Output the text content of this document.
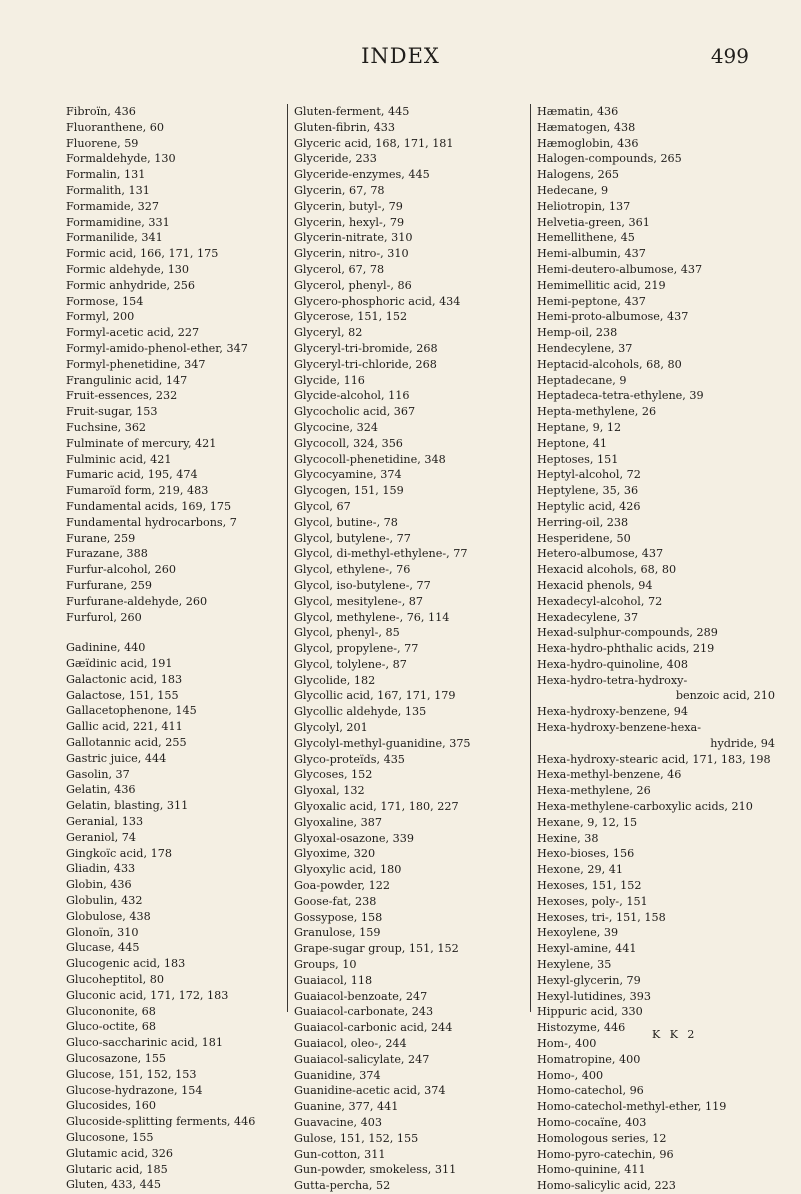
INDEX	499
Fibroïn, 436
Fluoranthene, 60
Fluorene, 59
Formaldehyde, 130
Formalin, 131
Formalith, 131
Formamide, 327
Formamidine, 331
Formanilide, 341
Formic acid, 166, 171, 175
Formic aldehyde, 130
Formic anhydride, 256
Formose, 154
Formyl, 200
Formyl-acetic acid, 227
Formyl-amido-phenol-ether, 347
Formyl-phenetidine, 347
Frangulinic acid, 147
Fruit-essences, 232
Fruit-sugar, 153
Fuchsine, 362
Fulminate of mercury, 421
Fulminic acid, 421
Fumaric acid, 195, 474
Fumaroïd form, 219, 483
Fundamental acids, 169, 175
Fundamental hydrocarbons, 7
Furane, 259
Furazane, 388
Furfur-alcohol, 260
Furfurane, 259
Furfurane-aldehyde, 260
Furfurol, 260
Gadinine, 440
Gæïdinic acid, 191
Galactonic acid, 183
Galactose, 151, 155
Gallacetophenone, 145
Gallic acid, 221, 411
Gallotannic acid, 255
Gastric juice, 444
Gasolin, 37
Gelatin, 436
Gelatin, blasting, 311
Geranial, 133
Geraniol, 74
Gingkoïc acid, 178
Gliadin, 433
Globin, 436
Globulin, 432
Globulose, 438
Glonoïn, 310
Glucase, 445
Glucogenic acid, 183
Glucoheptitol, 80
Gluconic acid, 171, 172, 183
Glucononite, 68
Gluco-octite, 68
Gluco-saccharinic acid, 181
Glucosazone, 155
Glucose, 151, 152, 153
Glucose-hydrazone, 154
Glucosides, 160
Glucoside-splitting ferments, 446
Glucosone, 155
Glutamic acid, 326
Glutaric acid, 185
Gluten, 433, 445
Gluten-ferment, 445
Gluten-fibrin, 433
Glyceric acid, 168, 171, 181
Glyceride, 233
Glyceride-enzymes, 445
Glycerin, 67, 78
Glycerin, butyl-, 79
Glycerin, hexyl-, 79
Glycerin-nitrate, 310
Glycerin, nitro-, 310
Glycerol, 67, 78
Glycerol, phenyl-, 86
Glycero-phosphoric acid, 434
Glycerose, 151, 152
Glyceryl, 82
Glyceryl-tri-bromide, 268
Glyceryl-tri-chloride, 268
Glycide, 116
Glycide-alcohol, 116
Glycocholic acid, 367
Glycocine, 324
Glycocoll, 324, 356
Glycocoll-phenetidine, 348
Glycocyamine, 374
Glycogen, 151, 159
Glycol, 67
Glycol, butine-, 78
Glycol, butylene-, 77
Glycol, di-methyl-ethylene-, 77
Glycol, ethylene-, 76
Glycol, iso-butylene-, 77
Glycol, mesitylene-, 87
Glycol, methylene-, 76, 114
Glycol, phenyl-, 85
Glycol, propylene-, 77
Glycol, tolylene-, 87
Glycolide, 182
Glycollic acid, 167, 171, 179
Glycollic aldehyde, 135
Glycolyl, 201
Glycolyl-methyl-guanidine, 375
Glyco-proteïds, 435
Glycoses, 152
Glyoxal, 132
Glyoxalic acid, 171, 180, 227
Glyoxaline, 387
Glyoxal-osazone, 339
Glyoxime, 320
Glyoxylic acid, 180
Goa-powder, 122
Goose-fat, 238
Gossypose, 158
Granulose, 159
Grape-sugar group, 151, 152
Groups, 10
Guaiacol, 118
Guaiacol-benzoate, 247
Guaiacol-carbonate, 243
Guaiacol-carbonic acid, 244
Guaiacol, oleo-, 244
Guaiacol-salicylate, 247
Guanidine, 374
Guanidine-acetic acid, 374
Guanine, 377, 441
Guavacine, 403
Gulose, 151, 152, 155
Gun-cotton, 311
Gun-powder, smokeless, 311
Gutta-percha, 52
Hæmatin, 436
Hæmatogen, 438
Hæmoglobin, 436
Halogen-compounds, 265
Halogens, 265
Hedecane, 9
Heliotropin, 137
Helvetia-green, 361
Hemellithene, 45
Hemi-albumin, 437
Hemi-deutero-albumose, 437
Hemimellitic acid, 219
Hemi-peptone, 437
Hemi-proto-albumose, 437
Hemp-oil, 238
Hendecylene, 37
Heptacid-alcohols, 68, 80
Heptadecane, 9
Heptadeca-tetra-ethylene, 39
Hepta-methylene, 26
Heptane, 9, 12
Heptone, 41
Heptoses, 151
Heptyl-alcohol, 72
Heptylene, 35, 36
Heptylic acid, 426
Herring-oil, 238
Hesperidene, 50
Hetero-albumose, 437
Hexacid alcohols, 68, 80
Hexacid phenols, 94
Hexadecyl-alcohol, 72
Hexadecylene, 37
Hexad-sulphur-compounds, 289
Hexa-hydro-phthalic acids, 219
Hexa-hydro-quinoline, 408
Hexa-hydro-tetra-hydroxy-
benzoic acid, 210
Hexa-hydroxy-benzene, 94
Hexa-hydroxy-benzene-hexa-
hydride, 94
Hexa-hydroxy-stearic acid, 171, 183, 198
Hexa-methyl-benzene, 46
Hexa-methylene, 26
Hexa-methylene-carboxylic acids, 210
Hexane, 9, 12, 15
Hexine, 38
Hexo-bioses, 156
Hexone, 29, 41
Hexoses, 151, 152
Hexoses, poly-, 151
Hexoses, tri-, 151, 158
Hexoylene, 39
Hexyl-amine, 441
Hexylene, 35
Hexyl-glycerin, 79
Hexyl-lutidines, 393
Hippuric acid, 330
Histozyme, 446
Hom-, 400
Homatropine, 400
Homo-, 400
Homo-catechol, 96
Homo-catechol-methyl-ether, 119
Homo-cocaïne, 403
Homologous series, 12
Homo-pyro-catechin, 96
Homo-quinine, 411
Homo-salicylic acid, 223
K K 2
